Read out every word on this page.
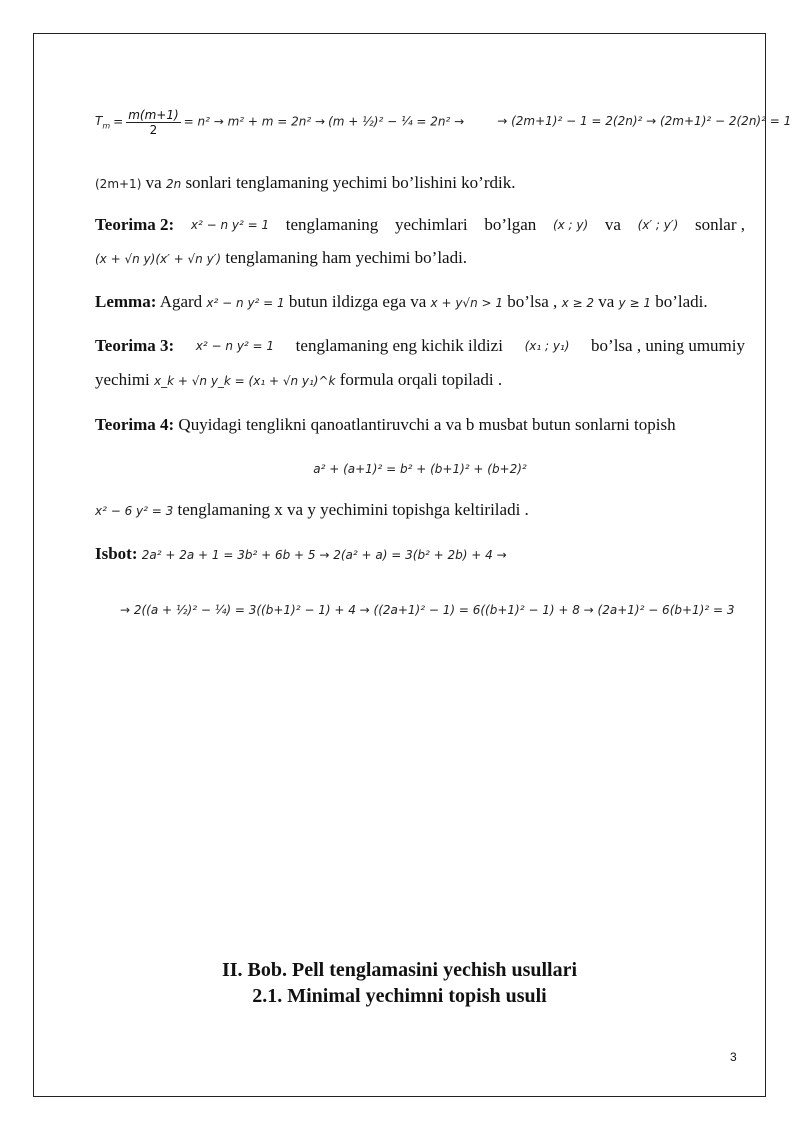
$T_m = \frac{m(m+1)}{2} = n^2 \to m^2 + m = 2n^2 \to (m$ + ½)² − ¼ = 2n² →	→ (2m+1)² − 1 = 2(2n)² → (2m+1)² − 2(2n)² = 1
(2m+1) va 2n sonlari tenglamaning yechimi bo’lishini ko’rdik.
Teorima 2: x² − n y² = 1 tenglamaning yechimlari bo’lgan (x ; y) va (x′ ; y′) sonlar ,
(x + √n y)(x′ + √n y′) tenglamaning ham yechimi bo’ladi.
Lemma: Agard x² − n y² = 1 butun ildizga ega va x + y√n > 1 bo’lsa , x ≥ 2 va y ≥ 1 bo’ladi.
Teorima 3: x² − n y² = 1 tenglamaning eng kichik ildizi (x₁ ; y₁) bo’lsa , uning umumiy
yechimi x_k + √n y_k = (x₁ + √n y₁)^k formula orqali topiladi .
Teorima 4: Quyidagi tenglikni qanoatlantiruvchi a va b musbat butun sonlarni topish
a² + (a+1)² = b² + (b+1)² + (b+2)²
x² − 6 y² = 3 tenglamaning x va y yechimini topishga keltiriladi .
Isbot: 2a² + 2a + 1 = 3b² + 6b + 5 → 2(a² + a) = 3(b² + 2b) + 4 →
→ 2((a + ½)² − ¼) = 3((b+1)² − 1) + 4 → ((2a+1)² − 1) = 6((b+1)² − 1) + 8 → (2a+1)² − 6(b+1)² = 3
II. Bob. Pell tenglamasini yechish usullari
2.1. Minimal yechimni topish usuli
3
